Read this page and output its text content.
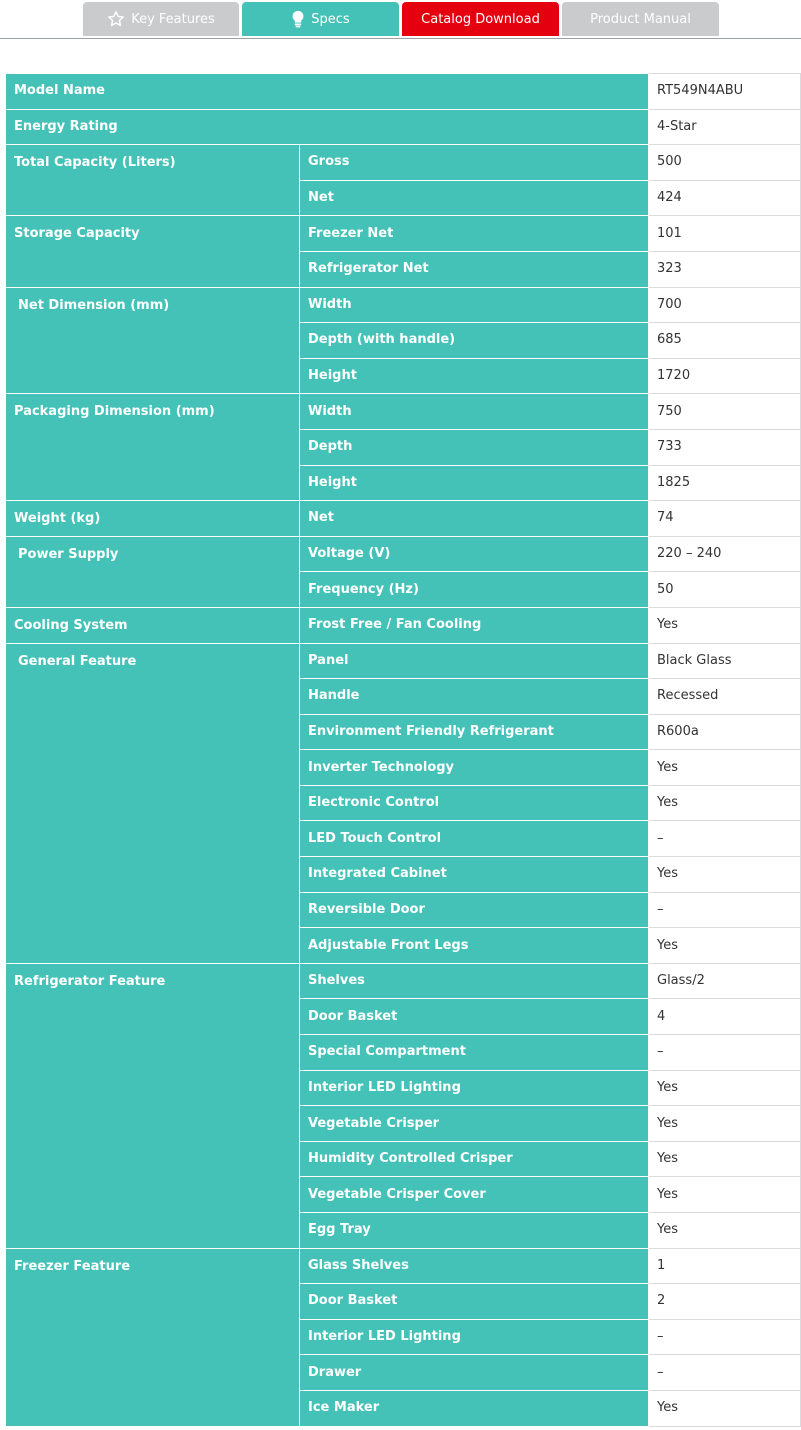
Key Features	Specs	Catalog Download	Product Manual
Model Name		RT549N4ABU
Energy Rating		4-Star
Total Capacity (Liters)	Gross	500
	Net	424
Storage Capacity	Freezer Net	101
	Refrigerator Net	323
Net Dimension (mm)	Width	700
	Depth (with handle)	685
	Height	1720
Packaging Dimension (mm)	Width	750
	Depth	733
	Height	1825
Weight (kg)	Net	74
Power Supply	Voltage (V)	220 – 240
	Frequency (Hz)	50
Cooling System	Frost Free / Fan Cooling	Yes
General Feature	Panel	Black Glass
	Handle	Recessed
	Environment Friendly Refrigerant	R600a
	Inverter Technology	Yes
	Electronic Control	Yes
	LED Touch Control	–
	Integrated Cabinet	Yes
	Reversible Door	–
	Adjustable Front Legs	Yes
Refrigerator Feature	Shelves	Glass/2
	Door Basket	4
	Special Compartment	–
	Interior LED Lighting	Yes
	Vegetable Crisper	Yes
	Humidity Controlled Crisper	Yes
	Vegetable Crisper Cover	Yes
	Egg Tray	Yes
Freezer Feature	Glass Shelves	1
	Door Basket	2
	Interior LED Lighting	–
	Drawer	–
	Ice Maker	Yes
